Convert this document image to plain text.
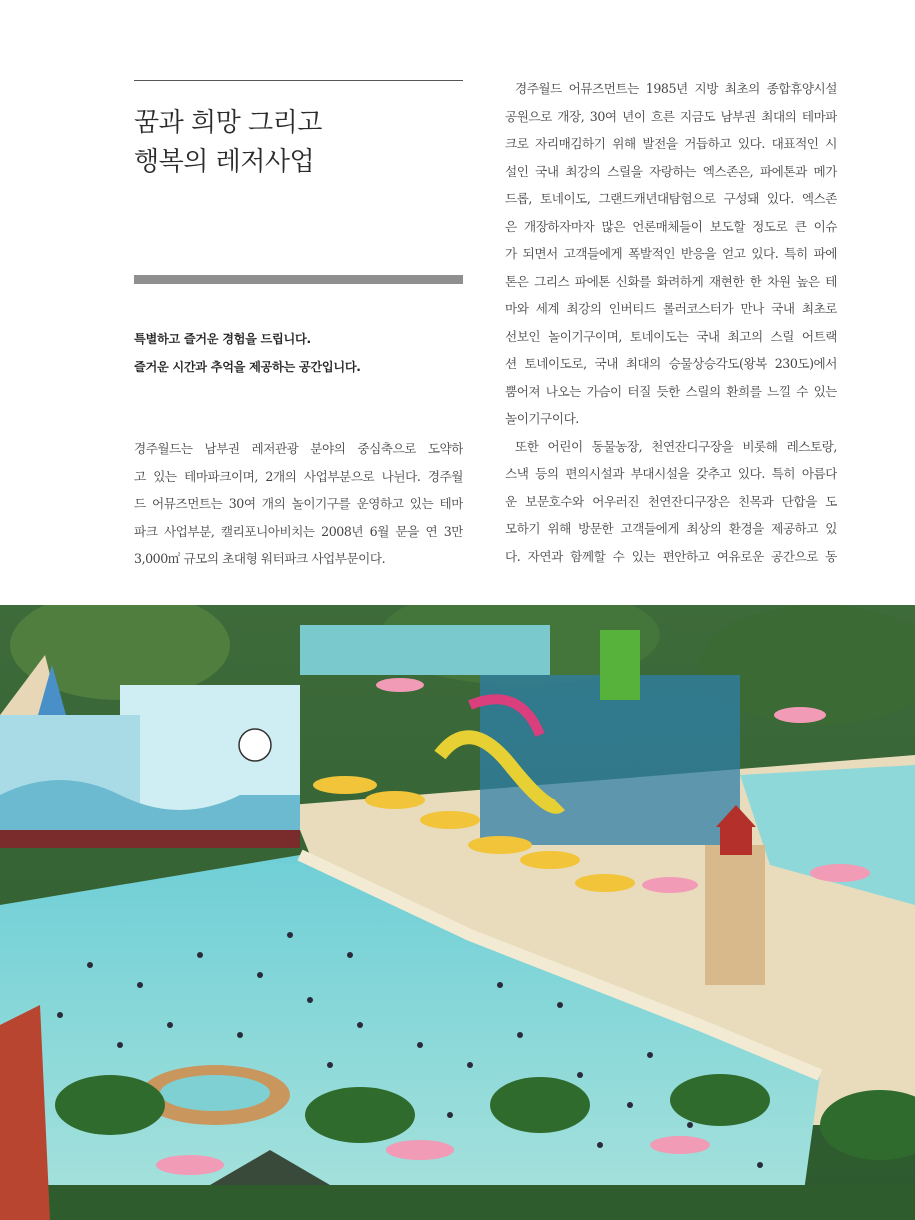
꿈과 희망 그리고
행복의 레저사업
특별하고 즐거운 경험을 드립니다.
즐거운 시간과 추억을 제공하는 공간입니다.
경주월드는 남부권 레저관광 분야의 중심축으로 도약하
고 있는 테마파크이며, 2개의 사업부분으로 나뉜다. 경주월
드 어뮤즈먼트는 30여 개의 놀이기구를 운영하고 있는 테마
파크 사업부분, 캘리포니아비치는 2008년 6월 문을 연 3만
3,000㎡ 규모의 초대형 워터파크 사업부문이다.
경주월드 어뮤즈먼트는 1985년 지방 최초의 종합휴양시설
공원으로 개장, 30여 년이 흐른 지금도 남부권 최대의 테마파
크로 자리매김하기 위해 발전을 거듭하고 있다. 대표적인 시
설인 국내 최강의 스릴을 자랑하는 엑스존은, 파에톤과 메가
드롭, 토네이도, 그랜드캐년대탐험으로 구성돼 있다. 엑스존
은 개장하자마자 많은 언론매체들이 보도할 정도로 큰 이슈
가 되면서 고객들에게 폭발적인 반응을 얻고 있다. 특히 파에
톤은 그리스 파에톤 신화를 화려하게 재현한 한 차원 높은 테
마와 세계 최강의 인버티드 롤러코스터가 만나 국내 최초로
선보인 놀이기구이며, 토네이도는 국내 최고의 스릴 어트랙
션 토네이도로, 국내 최대의 승물상승각도(왕복 230도)에서
뿜어져 나오는 가슴이 터질 듯한 스릴의 환희를 느낄 수 있는
놀이기구이다.
또한 어린이 동물농장, 천연잔디구장을 비롯해 레스토랑,
스낵 등의 편의시설과 부대시설을 갖추고 있다. 특히 아름다
운 보문호수와 어우러진 천연잔디구장은 친목과 단합을 도
모하기 위해 방문한 고객들에게 최상의 환경을 제공하고 있
다. 자연과 함께할 수 있는 편안하고 여유로운 공간으로 동
